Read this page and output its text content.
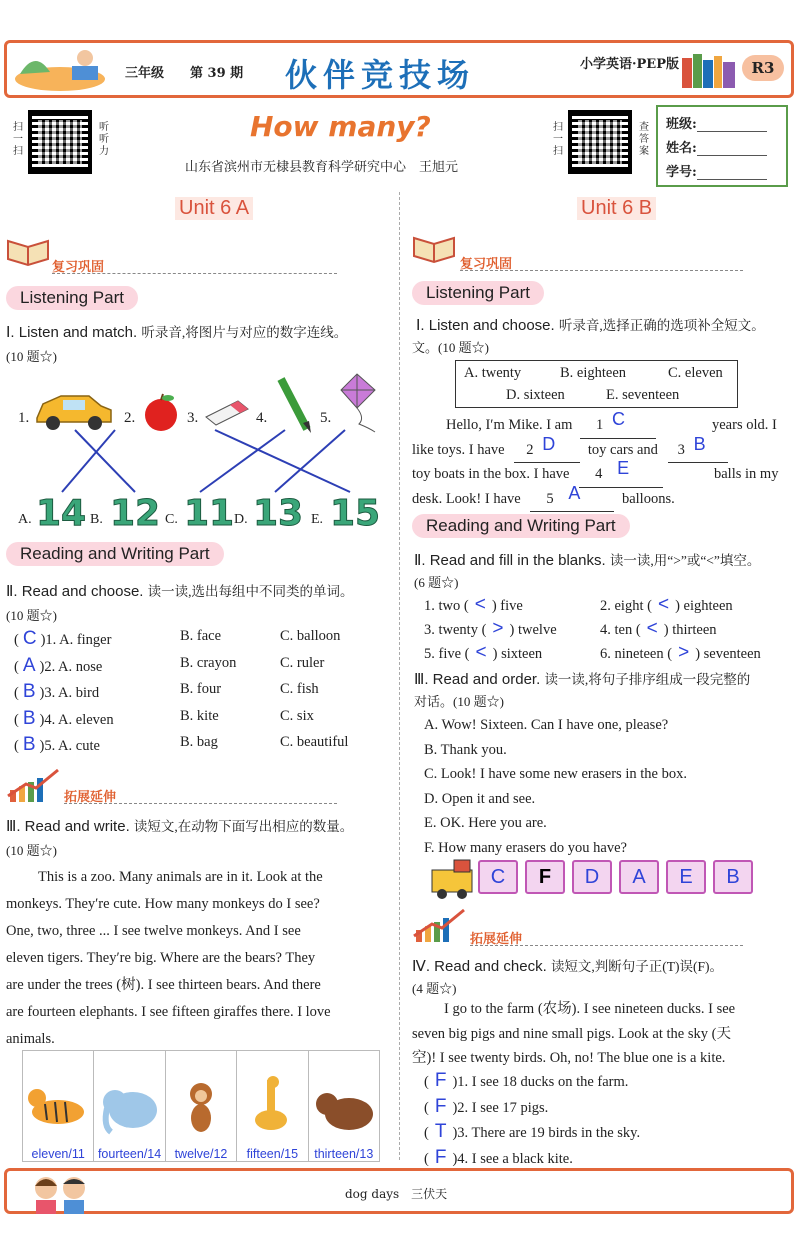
三年级 第 39 期 伙伴竞技场	小学英语·PEP版	R3
扫一扫
听听力
扫一扫
查答案
How many?
山东省滨州市无棣县教育科学研究中心　王旭元
班级:
姓名:
学号:
Unit 6 A
复习巩固
Listening Part
Ⅰ. Listen and match. 听录音,将图片与对应的数字连线。
(10 题☆)
1.	2.	3.	4.	5.
A. 14 B. 12 C. 11 D. 13 E. 15
Reading and Writing Part
Ⅱ. Read and choose. 读一读,选出每组中不同类的单词。
(10 题☆)
( C )1. A. finger	B. face	C. balloon
( A )2. A. nose	B. crayon	C. ruler
( B )3. A. bird	B. four	C. fish
( B )4. A. eleven	B. kite	C. six
( B )5. A. cute	B. bag	C. beautiful
拓展延伸
Ⅲ. Read and write. 读短文,在动物下面写出相应的数量。
(10 题☆)
This is a zoo. Many animals are in it. Look at the
monkeys. They′re cute. How many monkeys do I see?
One, two, three ... I see twelve monkeys. And I see
eleven tigers. They′re big. Where are the bears? They
are under the trees (树). I see thirteen bears. And there
are fourteen elephants. I see fifteen giraffes there. I love
animals.
eleven/11	fourteen/14	twelve/12	fifteen/15	thirteen/13
Unit 6 B
复习巩固
Listening Part
Ⅰ. Listen and choose. 听录音,选择正确的选项补全短文。
文。(10 题☆)
A. twenty	B. eighteen	C. eleven
D. sixteen	E. seventeen
Hello, I′m Mike. I am 1 C
	years old. I
like toys. I have 2 D toy cars and 3 B

toy boats in the box. I have 4 E
	balls in my
desk. Look! I have 5 A	balloons.
Reading and Writing Part
Ⅱ. Read and fill in the blanks. 读一读,用“>”或“<”填空。
(6 题☆)
1. two ( < ) five	2. eight ( < ) eighteen
3. twenty ( > ) twelve	4. ten ( < ) thirteen
5. five ( < ) sixteen	6. nineteen ( > ) seventeen
Ⅲ. Read and order. 读一读,将句子排序组成一段完整的
对话。(10 题☆)
A. Wow! Sixteen. Can I have one, please?
B. Thank you.
C. Look! I have some new erasers in the box.
D. Open it and see.
E. OK. Here you are.
F. How many erasers do you have?
C	F	D	A	E	B
拓展延伸
Ⅳ. Read and check. 读短文,判断句子正(T)误(F)。
(4 题☆)
I go to the farm (农场). I see nineteen ducks. I see
seven big pigs and nine small pigs. Look at the sky (天
空)! I see twenty birds. Oh, no! The blue one is a kite.
( F )1. I see 18 ducks on the farm.
( F )2. I see 17 pigs.
( T )3. There are 19 birds in the sky.
( F )4. I see a black kite.
dog days　三伏天
